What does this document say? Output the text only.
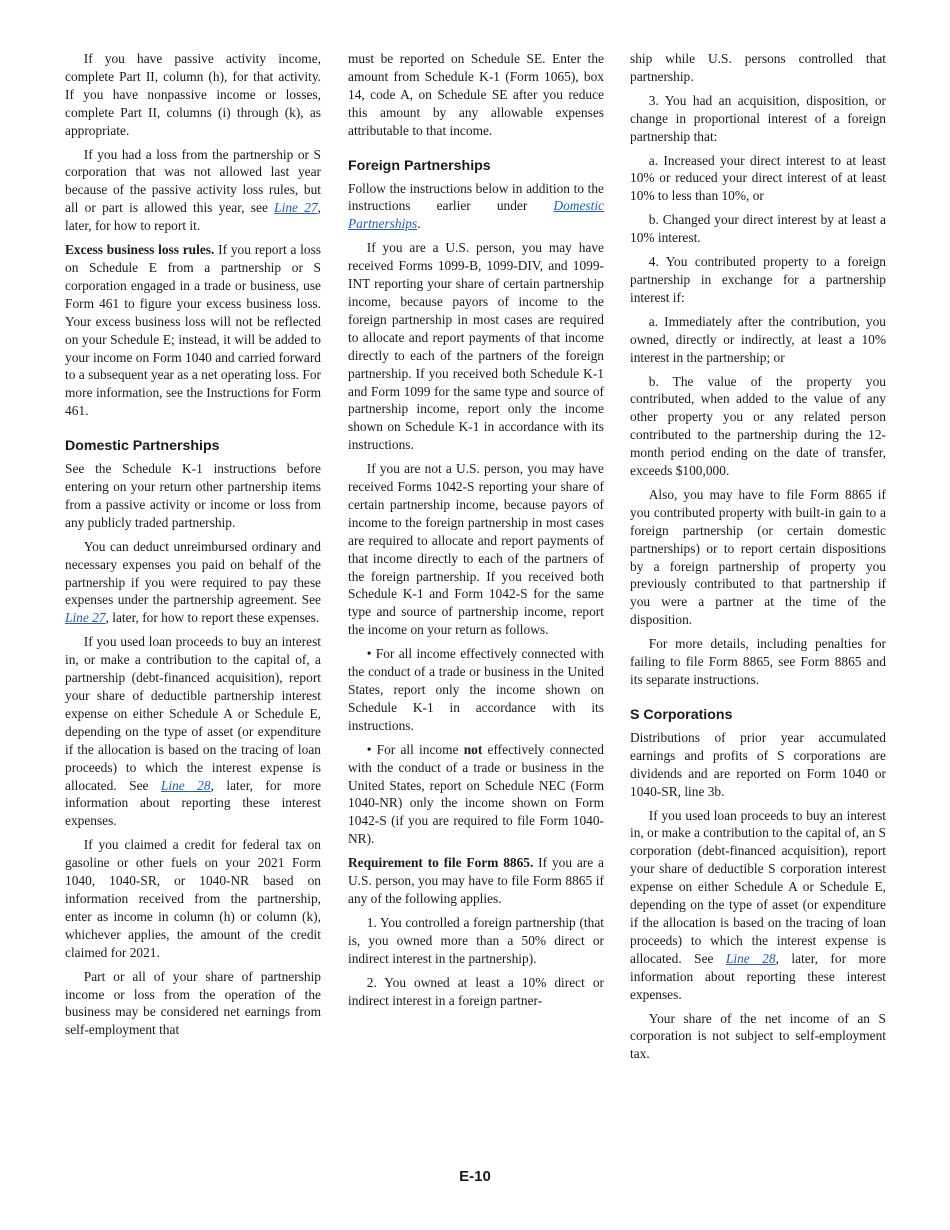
If you have passive activity income, complete Part II, column (h), for that activity. If you have nonpassive income or losses, complete Part II, columns (i) through (k), as appropriate.

If you had a loss from the partnership or S corporation that was not allowed last year because of the passive activity loss rules, but all or part is allowed this year, see Line 27, later, for how to report it.

Excess business loss rules. If you report a loss on Schedule E from a partnership or S corporation engaged in a trade or business, use Form 461 to figure your excess business loss. Your excess business loss will not be reflected on your Schedule E; instead, it will be added to your income on Form 1040 and carried forward to a subsequent year as a net operating loss. For more information, see the Instructions for Form 461.

Domestic Partnerships

See the Schedule K-1 instructions before entering on your return other partnership items from a passive activity or income or loss from any publicly traded partnership.

You can deduct unreimbursed ordinary and necessary expenses you paid on behalf of the partnership if you were required to pay these expenses under the partnership agreement. See Line 27, later, for how to report these expenses.

If you used loan proceeds to buy an interest in, or make a contribution to the capital of, a partnership (debt-financed acquisition), report your share of deductible partnership interest expense on either Schedule A or Schedule E, depending on the type of asset (or expenditure if the allocation is based on the tracing of loan proceeds) to which the interest expense is allocated. See Line 28, later, for more information about reporting these interest expenses.

If you claimed a credit for federal tax on gasoline or other fuels on your 2021 Form 1040, 1040-SR, or 1040-NR based on information received from the partnership, enter as income in column (h) or column (k), whichever applies, the amount of the credit claimed for 2021.

Part or all of your share of partnership income or loss from the operation of the business may be considered net earnings from self-employment that

must be reported on Schedule SE. Enter the amount from Schedule K-1 (Form 1065), box 14, code A, on Schedule SE after you reduce this amount by any allowable expenses attributable to that income.

Foreign Partnerships

Follow the instructions below in addition to the instructions earlier under Domestic Partnerships.

If you are a U.S. person, you may have received Forms 1099-B, 1099-DIV, and 1099-INT reporting your share of certain partnership income, because payors of income to the foreign partnership in most cases are required to allocate and report payments of that income directly to each of the partners of the foreign partnership. If you received both Schedule K-1 and Form 1099 for the same type and source of partnership income, report only the income shown on Schedule K-1 in accordance with its instructions.

If you are not a U.S. person, you may have received Forms 1042-S reporting your share of certain partnership income, because payors of income to the foreign partnership in most cases are required to allocate and report payments of that income directly to each of the partners of the foreign partnership. If you received both Schedule K-1 and Form 1042-S for the same type and source of partnership income, report the income on your return as follows.

• For all income effectively connected with the conduct of a trade or business in the United States, report only the income shown on Schedule K-1 in accordance with its instructions.

• For all income not effectively connected with the conduct of a trade or business in the United States, report on Schedule NEC (Form 1040-NR) only the income shown on Form 1042-S (if you are required to file Form 1040-NR).

Requirement to file Form 8865. If you are a U.S. person, you may have to file Form 8865 if any of the following applies.

1. You controlled a foreign partnership (that is, you owned more than a 50% direct or indirect interest in the partnership).

2. You owned at least a 10% direct or indirect interest in a foreign partner-

ship while U.S. persons controlled that partnership.

3. You had an acquisition, disposition, or change in proportional interest of a foreign partnership that:

a. Increased your direct interest to at least 10% or reduced your direct interest of at least 10% to less than 10%, or

b. Changed your direct interest by at least a 10% interest.

4. You contributed property to a foreign partnership in exchange for a partnership interest if:

a. Immediately after the contribution, you owned, directly or indirectly, at least a 10% interest in the partnership; or

b. The value of the property you contributed, when added to the value of any other property you or any related person contributed to the partnership during the 12-month period ending on the date of transfer, exceeds $100,000.

Also, you may have to file Form 8865 if you contributed property with built-in gain to a foreign partnership (or certain domestic partnerships) or to report certain dispositions by a foreign partnership of property you previously contributed to that partnership if you were a partner at the time of the disposition.

For more details, including penalties for failing to file Form 8865, see Form 8865 and its separate instructions.

S Corporations

Distributions of prior year accumulated earnings and profits of S corporations are dividends and are reported on Form 1040 or 1040-SR, line 3b.

If you used loan proceeds to buy an interest in, or make a contribution to the capital of, an S corporation (debt-financed acquisition), report your share of deductible S corporation interest expense on either Schedule A or Schedule E, depending on the type of asset (or expenditure if the allocation is based on the tracing of loan proceeds) to which the interest expense is allocated. See Line 28, later, for more information about reporting these interest expenses.

Your share of the net income of an S corporation is not subject to self-employment tax.

E-10
